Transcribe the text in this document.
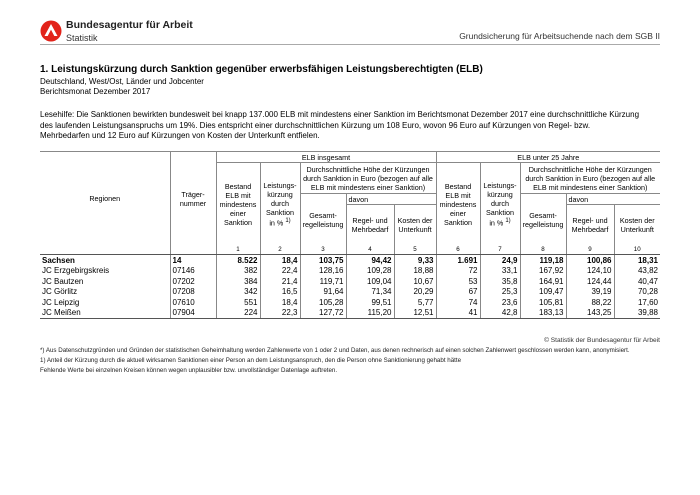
Bundesagentur für Arbeit
Statistik	Grundsicherung für Arbeitsuchende nach dem SGB II
1. Leistungskürzung durch Sanktion gegenüber erwerbsfähigen Leistungsberechtigten (ELB)
Deutschland, West/Ost, Länder und Jobcenter
Berichtsmonat Dezember 2017
Lesehilfe: Die Sanktionen bewirkten bundesweit bei knapp 137.000 ELB mit mindestens einer Sanktion im Berichtsmonat Dezember 2017 eine durchschnittliche Kürzung des laufenden Leistungsanspruchs um 19%. Dies entspricht einer durchschnittlichen Kürzung um 108 Euro, wovon 96 Euro auf Kürzungen von Regel- bzw. Mehrbedarfen und 12 Euro auf Kürzungen von Kosten der Unterkunft entfielen.
Regionen	Träger-nummer	ELB insgesamt					ELB unter 25 Jahre				
		Bestand ELB mit mindestens einer Sanktion	Leistungs-kürzung durch Sanktion in % $^{1)}$	Durchschnittliche Höhe der Kürzungen durch Sanktion in Euro (bezogen auf alle ELB mit mindestens einer Sanktion)			Bestand ELB mit mindestens einer Sanktion	Leistungs-kürzung durch Sanktion in % $^{1)}$	Durchschnittliche Höhe der Kürzungen durch Sanktion in Euro (bezogen auf alle ELB mit mindestens einer Sanktion)		
				Gesamt-regelleistung	davon				Gesamt-regelleistung	davon	
					Regel- und Mehrbedarf	Kosten der Unterkunft				Regel- und Mehrbedarf	Kosten der Unterkunft
		1	2	3	4	5	6	7	8	9	10
Sachsen	14	8.522	18,4	103,75	94,42	9,33	1.691	24,9	119,18	100,86	18,31
JC Erzgebirgskreis	07146	382	22,4	128,16	109,28	18,88	72	33,1	167,92	124,10	43,82
JC Bautzen	07202	384	21,4	119,71	109,04	10,67	53	35,8	164,91	124,44	40,47
JC Görlitz	07208	342	16,5	91,64	71,34	20,29	67	25,3	109,47	39,19	70,28
JC Leipzig	07610	551	18,4	105,28	99,51	5,77	74	23,6	105,81	88,22	17,60
JC Meißen	07904	224	22,3	127,72	115,20	12,51	41	42,8	183,13	143,25	39,88
© Statistik der Bundesagentur für Arbeit
*) Aus Datenschutzgründen und Gründen der statistischen Geheimhaltung werden Zahlenwerte von 1 oder 2 und Daten, aus denen rechnerisch auf einen solchen Zahlenwert geschlossen werden kann, anonymisiert.
1) Anteil der Kürzung durch die aktuell wirksamen Sanktionen einer Person an dem Leistungsanspruch, den die Person ohne Sanktionierung gehabt hätte
Fehlende Werte bei einzelnen Kreisen können wegen unplausibler bzw. unvollständiger Datenlage auftreten.
